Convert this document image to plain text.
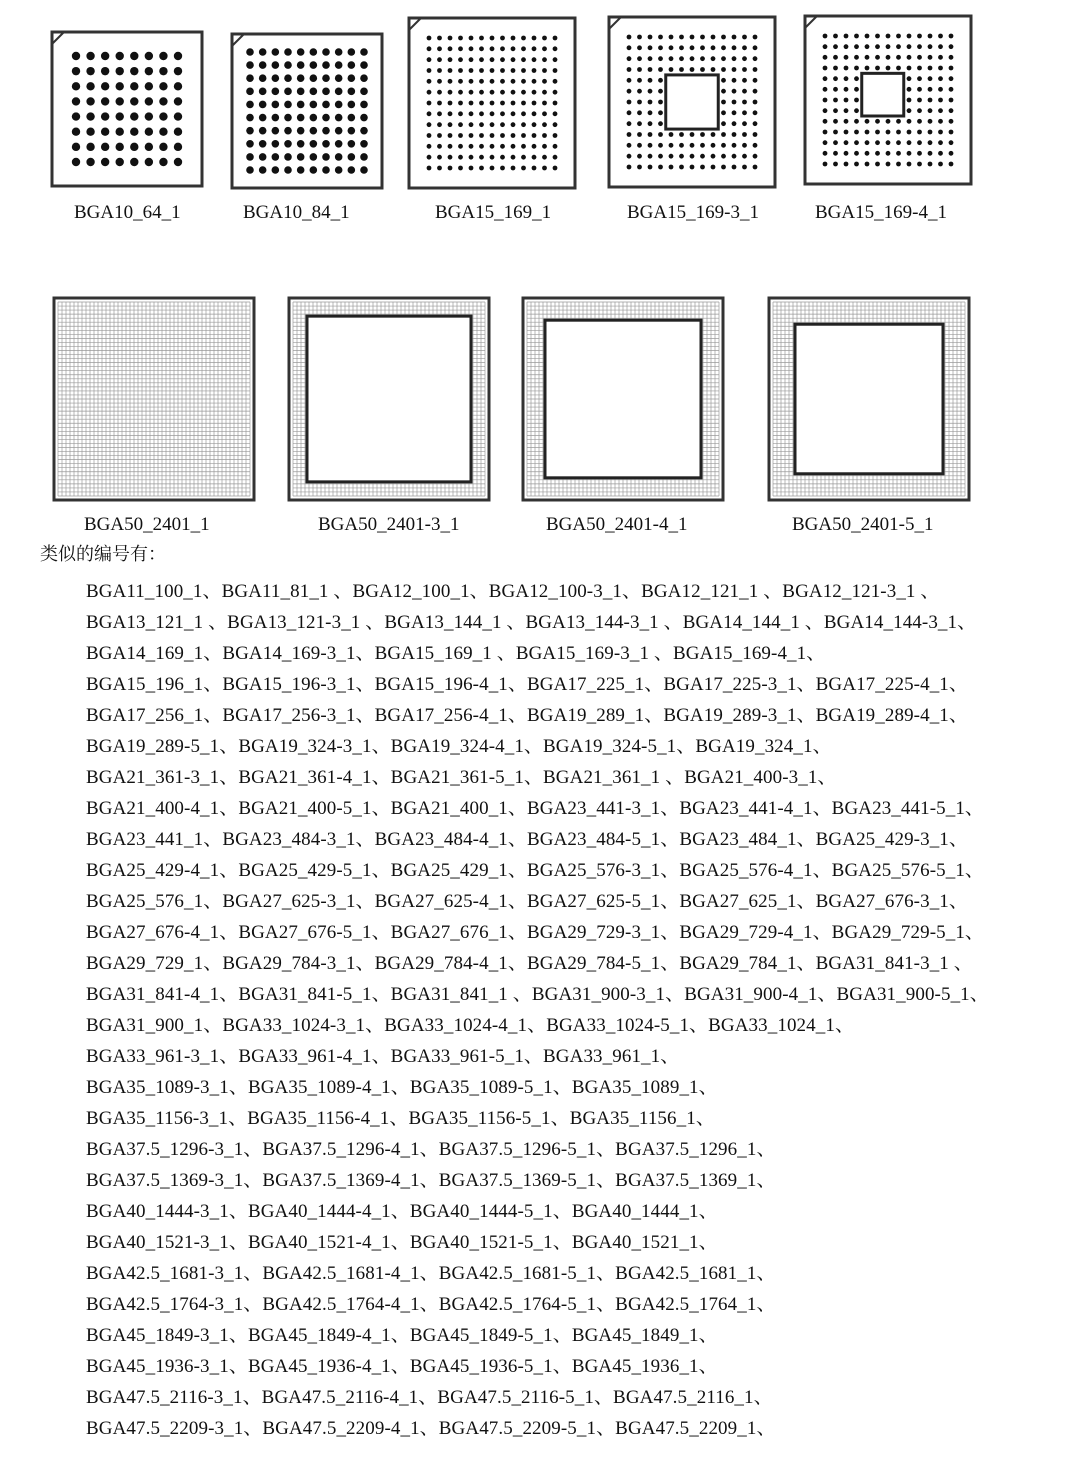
BGA10_64_1	BGA10_84_1	BGA15_169_1	BGA15_169-3_1	BGA15_169-4_1
BGA50_2401_1	BGA50_2401-3_1	BGA50_2401-4_1	BGA50_2401-5_1
类似的编号有：
BGA11_100_1、BGA11_81_1 、BGA12_100_1、BGA12_100-3_1、BGA12_121_1 、BGA12_121-3_1 、
BGA13_121_1 、BGA13_121-3_1 、BGA13_144_1 、BGA13_144-3_1 、BGA14_144_1 、BGA14_144-3_1、
BGA14_169_1、BGA14_169-3_1、BGA15_169_1 、BGA15_169-3_1 、BGA15_169-4_1、
BGA15_196_1、BGA15_196-3_1、BGA15_196-4_1、BGA17_225_1、BGA17_225-3_1、BGA17_225-4_1、
BGA17_256_1、BGA17_256-3_1、BGA17_256-4_1、BGA19_289_1、BGA19_289-3_1、BGA19_289-4_1、
BGA19_289-5_1、BGA19_324-3_1、BGA19_324-4_1、BGA19_324-5_1、BGA19_324_1、
BGA21_361-3_1、BGA21_361-4_1、BGA21_361-5_1、BGA21_361_1 、BGA21_400-3_1、
BGA21_400-4_1、BGA21_400-5_1、BGA21_400_1、BGA23_441-3_1、BGA23_441-4_1、BGA23_441-5_1、
BGA23_441_1、BGA23_484-3_1、BGA23_484-4_1、BGA23_484-5_1、BGA23_484_1、BGA25_429-3_1、
BGA25_429-4_1、BGA25_429-5_1、BGA25_429_1、BGA25_576-3_1、BGA25_576-4_1、BGA25_576-5_1、
BGA25_576_1、BGA27_625-3_1、BGA27_625-4_1、BGA27_625-5_1、BGA27_625_1、BGA27_676-3_1、
BGA27_676-4_1、BGA27_676-5_1、BGA27_676_1、BGA29_729-3_1、BGA29_729-4_1、BGA29_729-5_1、
BGA29_729_1、BGA29_784-3_1、BGA29_784-4_1、BGA29_784-5_1、BGA29_784_1、BGA31_841-3_1 、
BGA31_841-4_1、BGA31_841-5_1、BGA31_841_1 、BGA31_900-3_1、BGA31_900-4_1、BGA31_900-5_1、
BGA31_900_1、BGA33_1024-3_1、BGA33_1024-4_1、BGA33_1024-5_1、BGA33_1024_1、
BGA33_961-3_1、BGA33_961-4_1、BGA33_961-5_1、BGA33_961_1、
BGA35_1089-3_1、BGA35_1089-4_1、BGA35_1089-5_1、BGA35_1089_1、
BGA35_1156-3_1、BGA35_1156-4_1、BGA35_1156-5_1、BGA35_1156_1、
BGA37.5_1296-3_1、BGA37.5_1296-4_1、BGA37.5_1296-5_1、BGA37.5_1296_1、
BGA37.5_1369-3_1、BGA37.5_1369-4_1、BGA37.5_1369-5_1、BGA37.5_1369_1、
BGA40_1444-3_1、BGA40_1444-4_1、BGA40_1444-5_1、BGA40_1444_1、
BGA40_1521-3_1、BGA40_1521-4_1、BGA40_1521-5_1、BGA40_1521_1、
BGA42.5_1681-3_1、BGA42.5_1681-4_1、BGA42.5_1681-5_1、BGA42.5_1681_1、
BGA42.5_1764-3_1、BGA42.5_1764-4_1、BGA42.5_1764-5_1、BGA42.5_1764_1、
BGA45_1849-3_1、BGA45_1849-4_1、BGA45_1849-5_1、BGA45_1849_1、
BGA45_1936-3_1、BGA45_1936-4_1、BGA45_1936-5_1、BGA45_1936_1、
BGA47.5_2116-3_1、BGA47.5_2116-4_1、BGA47.5_2116-5_1、BGA47.5_2116_1、
BGA47.5_2209-3_1、BGA47.5_2209-4_1、BGA47.5_2209-5_1、BGA47.5_2209_1、
